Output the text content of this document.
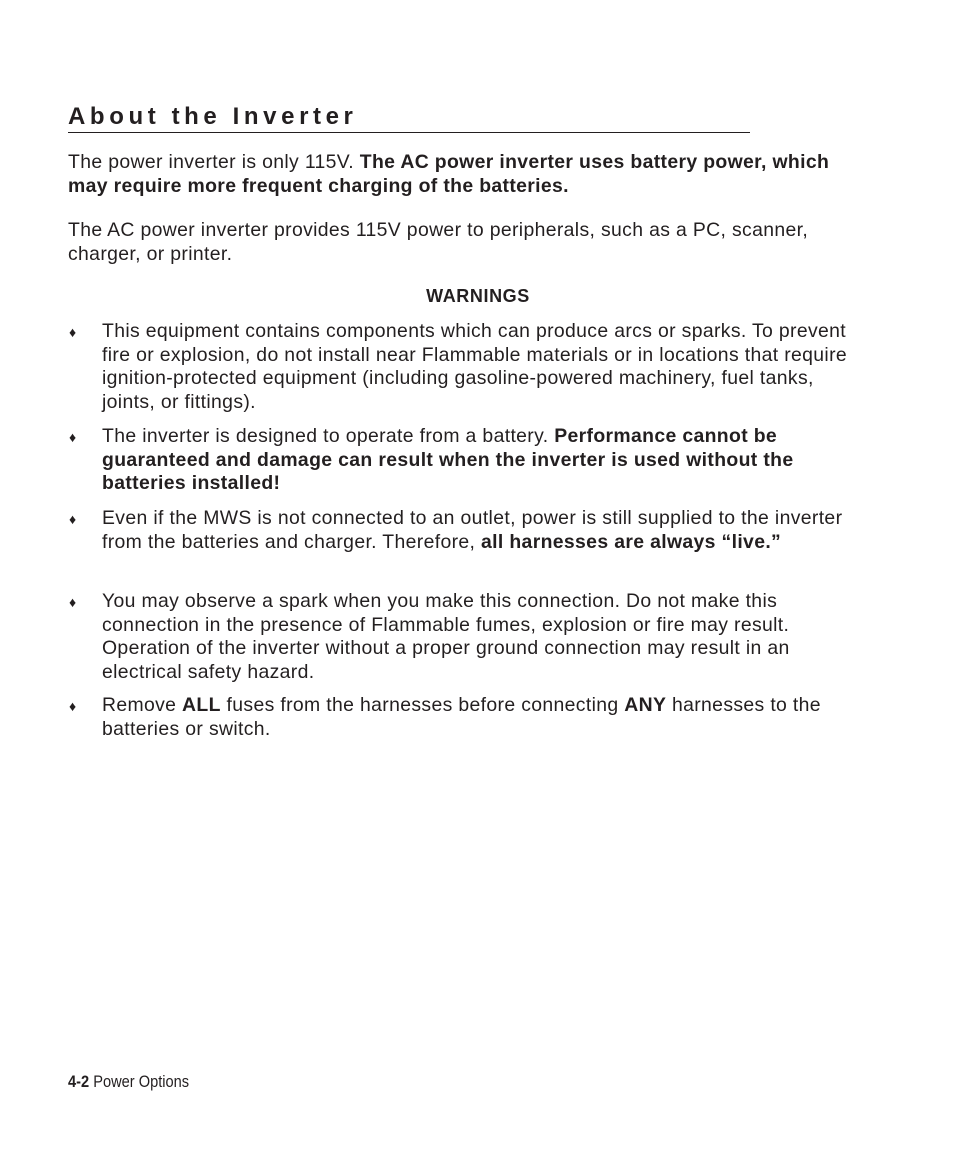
About the Inverter

The power inverter is only 115V. The AC power inverter uses battery power, which may require more frequent charging of the batteries.

The AC power inverter provides 115V power to peripherals, such as a PC, scanner, charger, or printer.

WARNINGS
♦ This equipment contains components which can produce arcs or sparks. To prevent fire or explosion, do not install near Flammable materials or in locations that require ignition-protected equipment (including gasoline-powered machinery, fuel tanks, joints, or fittings).

♦ The inverter is designed to operate from a battery. Performance cannot be guaranteed and damage can result when the inverter is used without the batteries installed!

♦ Even if the MWS is not connected to an outlet, power is still supplied to the inverter from the batteries and charger. Therefore, all harnesses are always “live.”

♦ You may observe a spark when you make this connection. Do not make this connection in the presence of Flammable fumes, explosion or fire may result. Operation of the inverter without a proper ground connection may result in an electrical safety hazard.

♦ Remove ALL fuses from the harnesses before connecting ANY harnesses to the batteries or switch.

4-2 Power Options
